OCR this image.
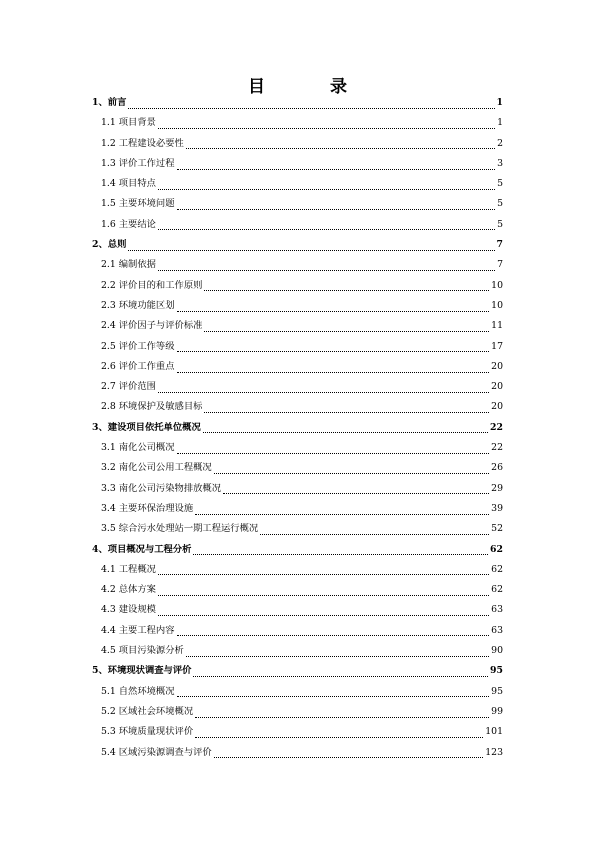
目　录
1、前言	1
1.1 项目背景	1
1.2 工程建设必要性	2
1.3 评价工作过程	3
1.4 项目特点	5
1.5 主要环境问题	5
1.6 主要结论	5
2、总则	7
2.1 编制依据	7
2.2 评价目的和工作原则	10
2.3 环境功能区划	10
2.4 评价因子与评价标准	11
2.5 评价工作等级	17
2.6 评价工作重点	20
2.7 评价范围	20
2.8 环境保护及敏感目标	20
3、建设项目依托单位概况	22
3.1 南化公司概况	22
3.2 南化公司公用工程概况	26
3.3 南化公司污染物排放概况	29
3.4 主要环保治理设施	39
3.5 综合污水处理站一期工程运行概况	52
4、项目概况与工程分析	62
4.1 工程概况	62
4.2 总体方案	62
4.3 建设规模	63
4.4 主要工程内容	63
4.5 项目污染源分析	90
5、环境现状调查与评价	95
5.1 自然环境概况	95
5.2 区域社会环境概况	99
5.3 环境质量现状评价	101
5.4 区域污染源调查与评价	123
